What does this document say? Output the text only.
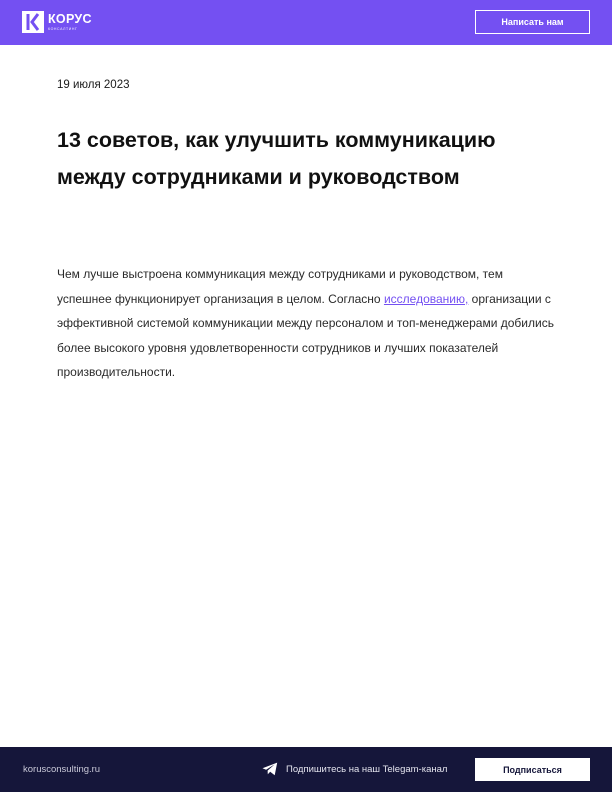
КОРУС
КОНСАЛТИНГ
Написать нам
19 июля 2023
13 советов, как улучшить коммуникацию между сотрудниками и руководством

Чем лучше выстроена коммуникация между сотрудниками и руководством, тем успешнее функционирует организация в целом. Согласно исследованию, организации с эффективной системой коммуникации между персоналом и топ-менеджерами добились более высокого уровня удовлетворенности сотрудников и лучших показателей производительности.

korusconsulting.ru	Подпишитесь на наш Telegam-канал	Подписаться
